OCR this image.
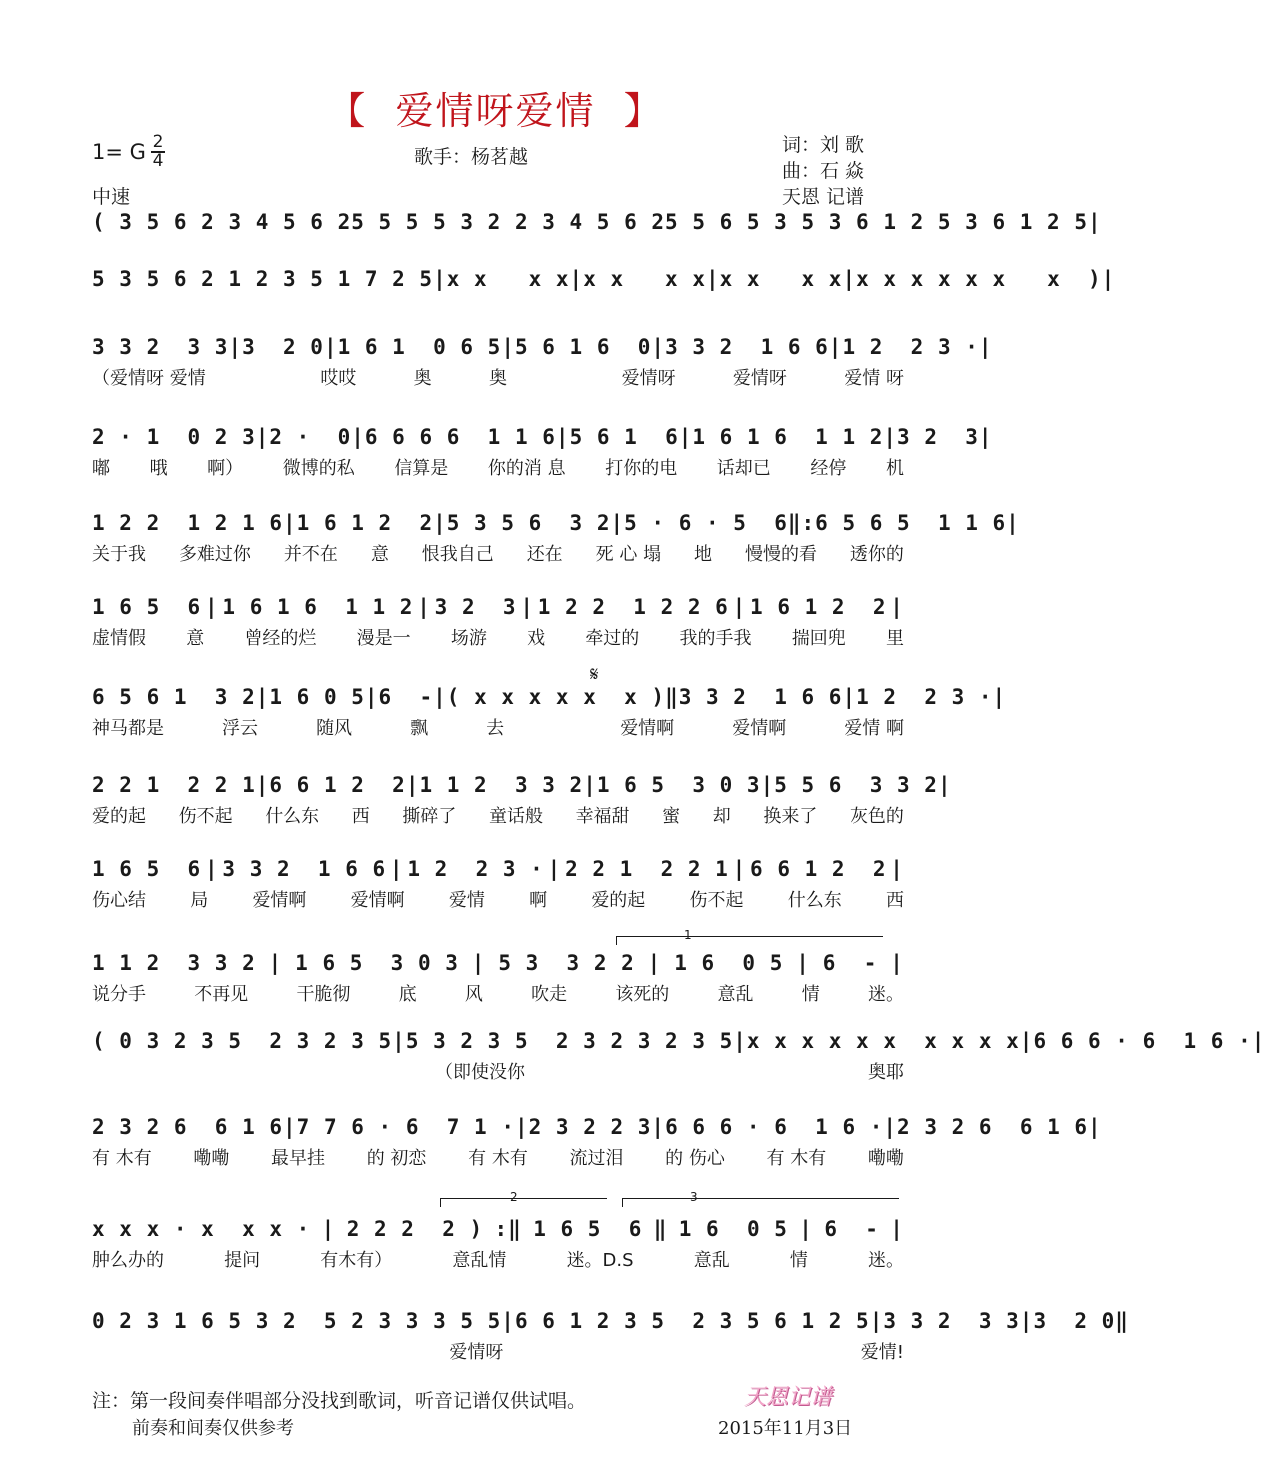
【  爱情呀爱情  】
1= G 2
4	歌手：杨茗越
词：刘 歌
曲：石 焱
天恩 记谱
中速
𝄋
1
2	3
( 3 5 6 2 3 4 5 6 2 5 5 5 5 3 2 2 3 4 5 6 2 5 5 6 5 3 5 3 6 1 2 5 3 6 1 2 5 |
5 3 5 6 2 1 2 3 5 1 7 2 5 | x x   x x | x x   x x | x x   x x | x x x x x x   x  ) |
3 3 2  3 3 | 3  2 0 | 1 6 1  0 6 5 | 5 6 1 6  0 | 3 3 2  1 6 6 | 1 2  2 3 · |
（爱情呀 爱情	哎哎	奥	奥	爱情呀	爱情呀	爱情 呀
2 · 1  0 2 3 | 2 ·  0 | 6 6 6 6  1 1 6 | 5 6 1  6 | 1 6 1 6  1 1 2 | 3 2  3 |
嘟 哦 啊） 微博的私 信算是 你的消 息 打你的电 话却已 经停 机
1 2 2  1 2 1 6 | 1 6 1 2  2 | 5 3 5 6  3 2 | 5 · 6 · 5  6 ‖: 6 5 6 5  1 1 6 |
关于我 多难过你 并不在 意 恨我自己 还在 死 心 塌 地 慢慢的看 透你的
1 6 5  6 | 1 6 1 6  1 1 2 | 3 2  3 | 1 2 2  1 2 2 6 | 1 6 1 2  2 |
虚情假 意 曾经的烂 漫是一 场游 戏 牵过的 我的手我 揣回兜 里
6 5 6 1  3 2 | 1 6 0 5 | 6  - | ( x x x x x  x ) ‖ 3 3 2  1 6 6 | 1 2  2 3 · |
神马都是	浮云	随风	飘	去	爱情啊	爱情啊	爱情 啊
2 2 1  2 2 1 | 6 6 1 2  2 | 1 1 2  3 3 2 | 1 6 5  3 0 3 | 5 5 6  3 3 2 |
爱的起 伤不起 什么东 西 撕碎了 童话般 幸福甜 蜜 却 换来了 灰色的
1 6 5  6 | 3 3 2  1 6 6 | 1 2  2 3 · | 2 2 1  2 2 1 | 6 6 1 2  2 |
伤心结 局 爱情啊 爱情啊 爱情 啊 爱的起 伤不起 什么东 西
1 1 2  3 3 2 | 1 6 5  3 0 3 | 5 3  3 2 2 | 1 6  0 5 | 6  - |
说分手	不再见	干脆彻	底	风	吹走	该死的	意乱	情	迷。
( 0 3 2 3 5  2 3 2 3 5 | 5 3 2 3 5  2 3 2 3 2 3 5 | x x x x x x  x x x x | 6 6 6 · 6  1 6 · |
（即使没你	奥耶
2 3 2 6  6 1 6 | 7 7 6 · 6  7 1 · | 2 3 2 2 3 | 6 6 6 · 6  1 6 · | 2 3 2 6  6 1 6 |
有 木有 嘞嘞 最早挂 的 初恋 有 木有 流过泪 的 伤心 有 木有 嘞嘞
x x x · x  x x · | 2 2 2  2 ) :‖ 1 6 5  6 ‖ 1 6  0 5 | 6  - |
肿么办的	提问	有木有）	意乱情	迷。D.S	意乱	情	迷。
0 2 3 1 6 5 3 2  5 2 3 3 3 5 5 | 6 6 1 2 3 5  2 3 5 6 1 2 5 | 3 3 2  3 3 | 3  2 0 ‖
爱情呀	爱情!
注：第一段间奏伴唱部分没找到歌词，听音记谱仅供试唱。
前奏和间奏仅供参考
天恩记谱
2015年11月3日
